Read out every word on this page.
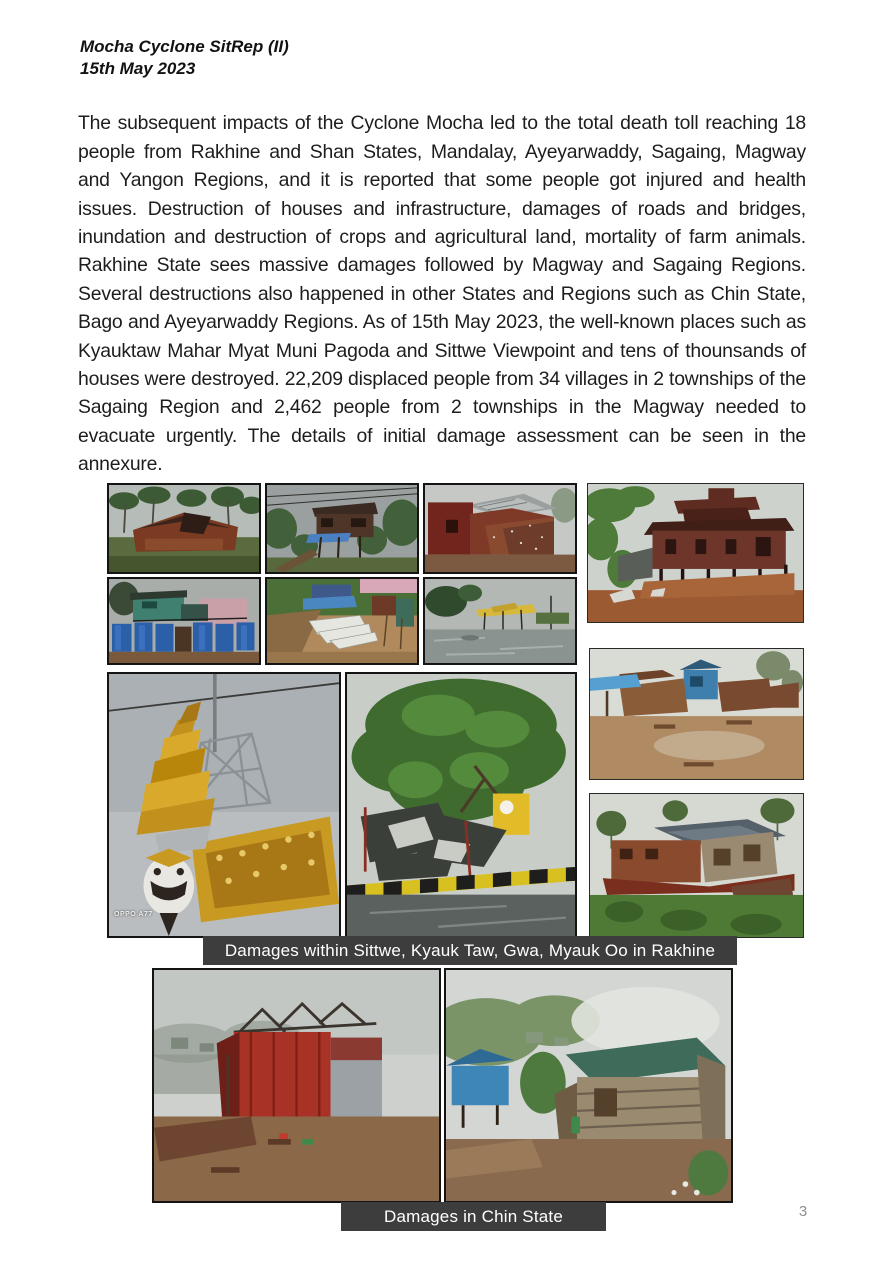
Mocha Cyclone SitRep (II)
15th May 2023

The subsequent impacts of the Cyclone Mocha led to the total death toll reaching 18 people from Rakhine and Shan States, Mandalay, Ayeyarwaddy, Sagaing, Magway and Yangon Regions, and it is reported that some people got injured and health issues. Destruction of houses and infrastructure, damages of roads and bridges, inundation and destruction of crops and agricultural land, mortality of farm animals. Rakhine State sees massive damages followed by Magway and Sagaing Regions. Several destructions also happened in other States and Regions such as Chin State, Bago and Ayeyarwaddy Regions. As of 15th May 2023, the well-known places such as Kyauktaw Mahar Myat Muni Pagoda and Sittwe Viewpoint and tens of thounsands of houses were destroyed. 22,209 displaced people from 34 villages in 2 townships of the Sagaing Region and 2,462 people from 2 townships in the Magway needed to evacuate urgently. The details of initial damage assessment can be seen in the annexure.

OPPO A77
Damages within Sittwe, Kyauk Taw, Gwa, Myauk Oo in Rakhine
Damages in Chin State	3
